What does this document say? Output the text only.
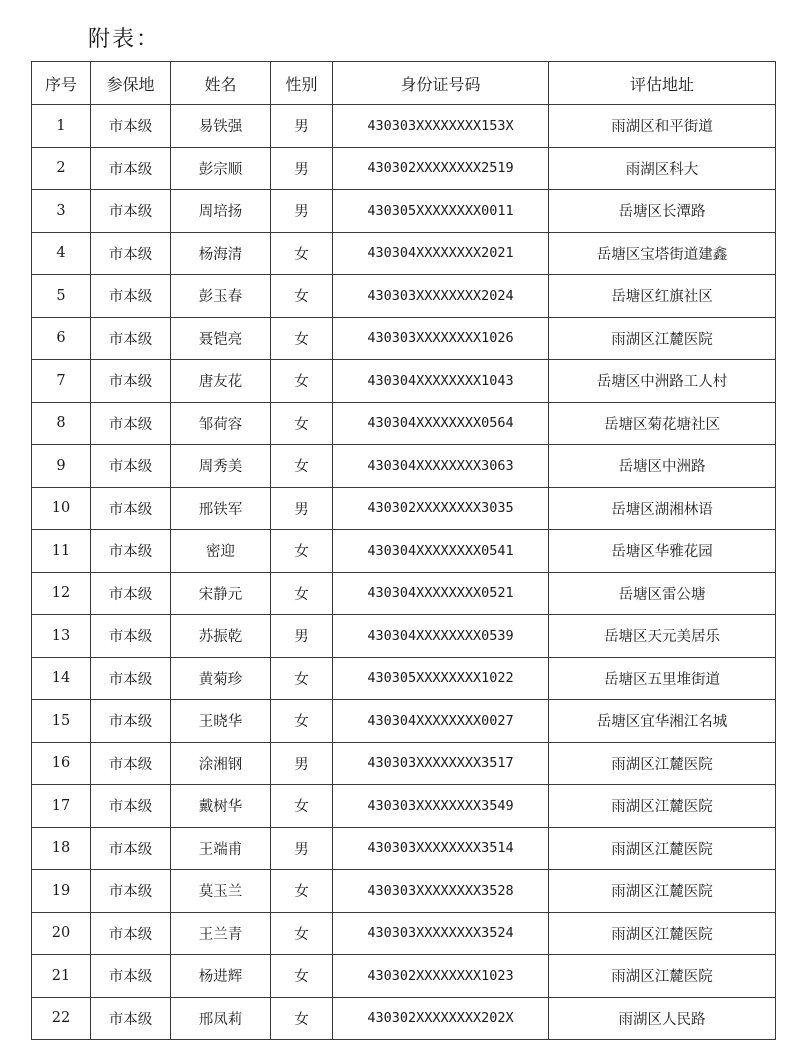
附表：
序号	参保地	姓名	性别	身份证号码	评估地址
1	市本级	易铁强	男	430303XXXXXXXX153X	雨湖区和平街道
2	市本级	彭宗顺	男	430302XXXXXXXX2519	雨湖区科大
3	市本级	周培扬	男	430305XXXXXXXX0011	岳塘区长潭路
4	市本级	杨海清	女	430304XXXXXXXX2021	岳塘区宝塔街道建鑫
5	市本级	彭玉春	女	430303XXXXXXXX2024	岳塘区红旗社区
6	市本级	聂铠亮	女	430303XXXXXXXX1026	雨湖区江麓医院
7	市本级	唐友花	女	430304XXXXXXXX1043	岳塘区中洲路工人村
8	市本级	邹荷容	女	430304XXXXXXXX0564	岳塘区菊花塘社区
9	市本级	周秀美	女	430304XXXXXXXX3063	岳塘区中洲路
10	市本级	邢铁军	男	430302XXXXXXXX3035	岳塘区湖湘林语
11	市本级	密迎	女	430304XXXXXXXX0541	岳塘区华雅花园
12	市本级	宋静元	女	430304XXXXXXXX0521	岳塘区雷公塘
13	市本级	苏振乾	男	430304XXXXXXXX0539	岳塘区天元美居乐
14	市本级	黄菊珍	女	430305XXXXXXXX1022	岳塘区五里堆街道
15	市本级	王晓华	女	430304XXXXXXXX0027	岳塘区宜华湘江名城
16	市本级	涂湘钢	男	430303XXXXXXXX3517	雨湖区江麓医院
17	市本级	戴树华	女	430303XXXXXXXX3549	雨湖区江麓医院
18	市本级	王端甫	男	430303XXXXXXXX3514	雨湖区江麓医院
19	市本级	莫玉兰	女	430303XXXXXXXX3528	雨湖区江麓医院
20	市本级	王兰青	女	430303XXXXXXXX3524	雨湖区江麓医院
21	市本级	杨进辉	女	430302XXXXXXXX1023	雨湖区江麓医院
22	市本级	邢凤莉	女	430302XXXXXXXX202X	雨湖区人民路
